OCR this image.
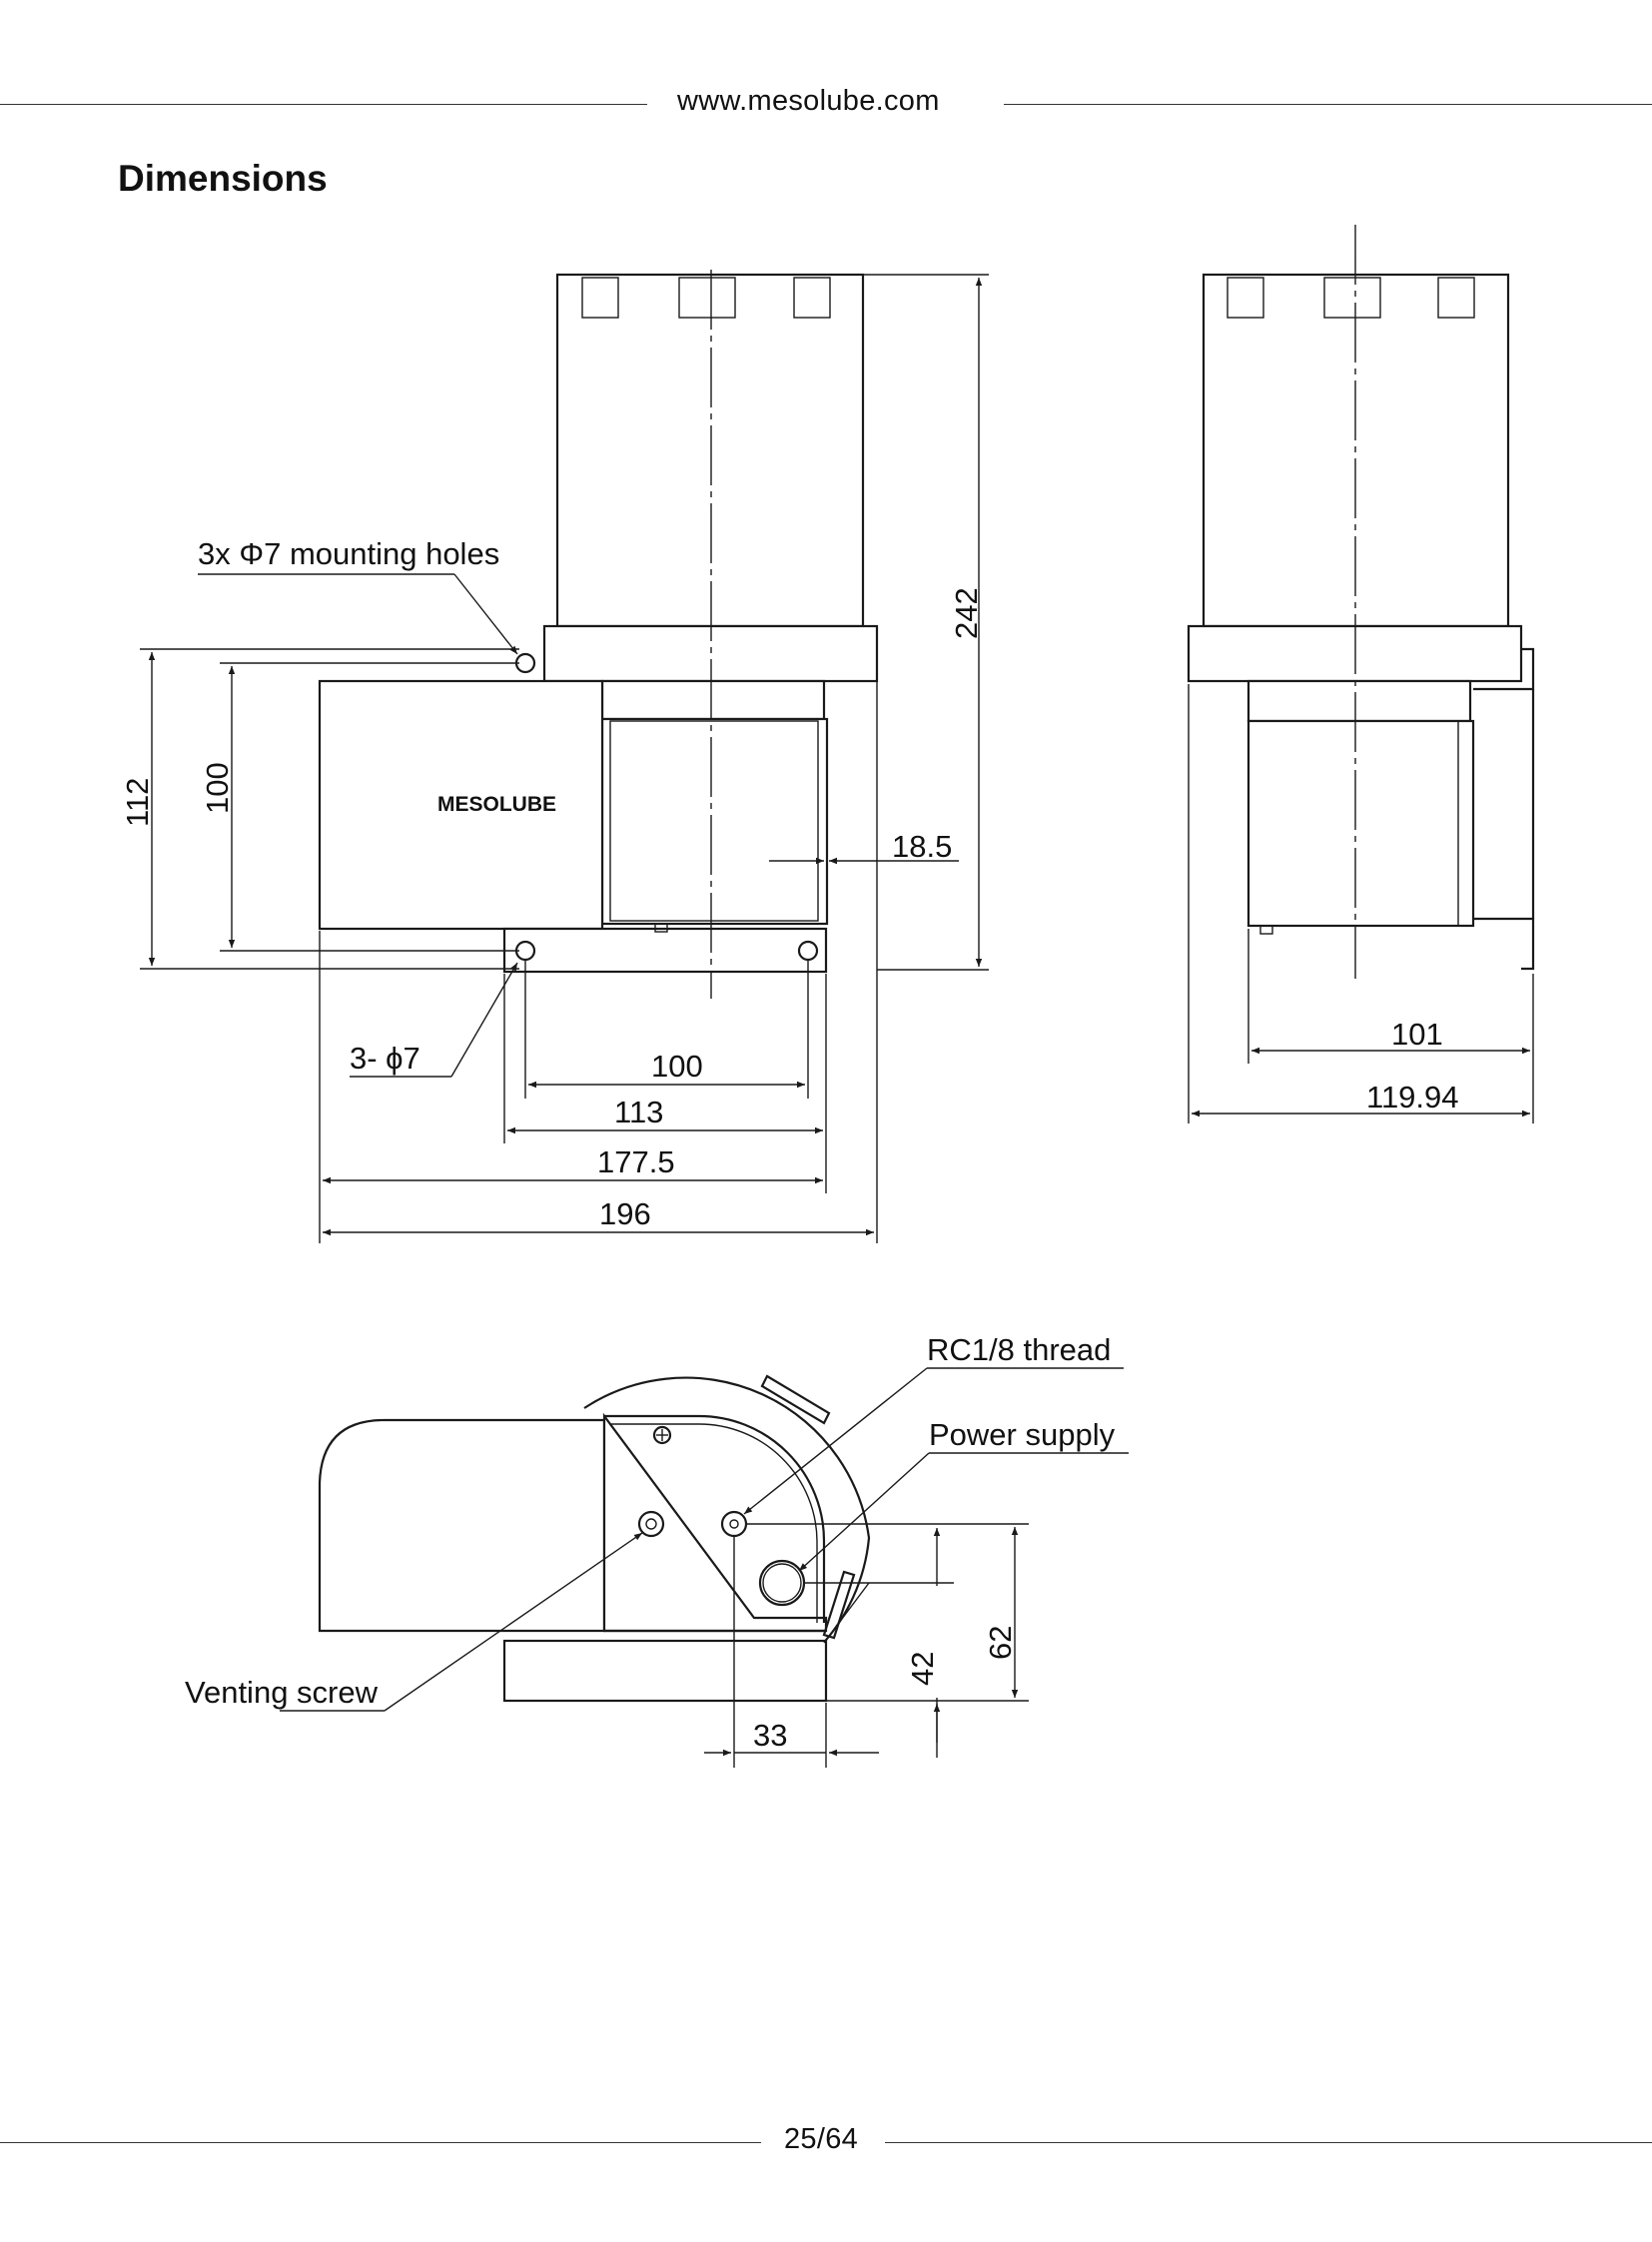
www.mesolube.com
Dimensions
MESOLUBE
242
112 100
18.5
3x Φ7 mounting holes
3- ϕ7	100
113
177.5
196
101
119.94
RC1/8 thread
Power supply
Venting screw
42
62
33
25/64
